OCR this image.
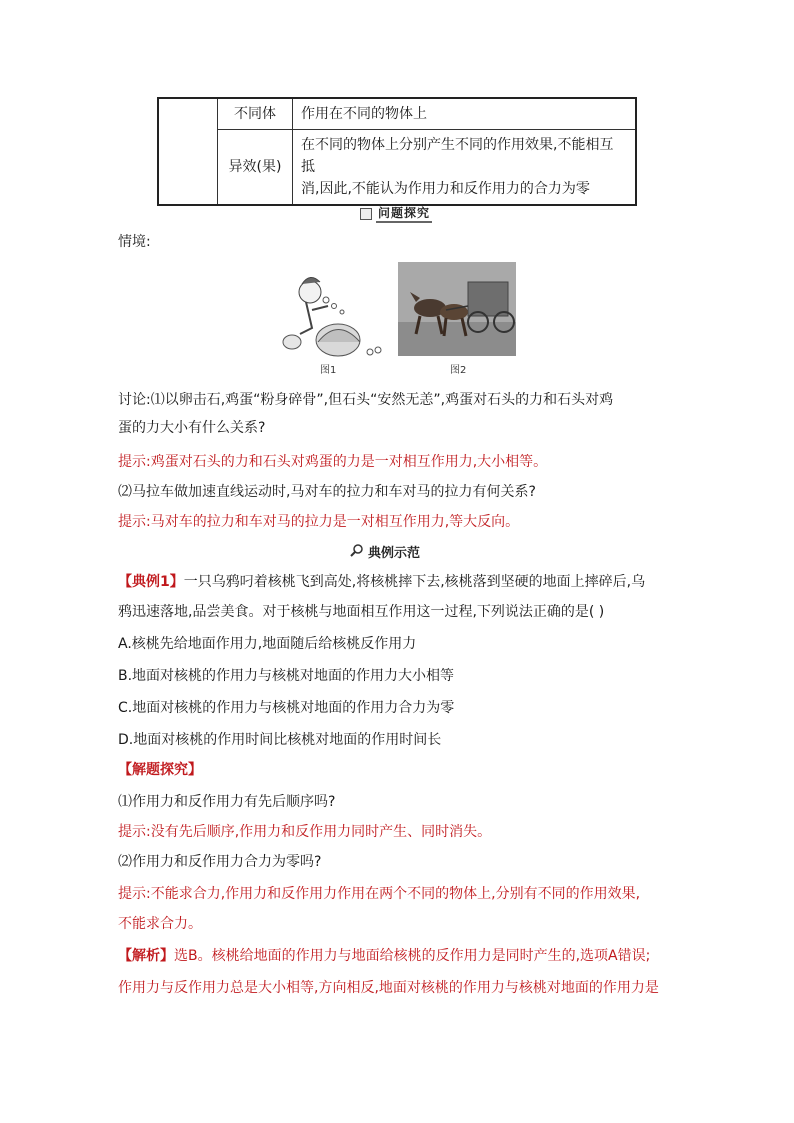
	不同体	作用在不同的物体上
	异效(果)	在不同的物体上分别产生不同的作用效果,不能相互抵
消,因此,不能认为作用力和反作用力的合力为零
问题探究
情境:
图1	图2
讨论:⑴以卵击石,鸡蛋“粉身碎骨”,但石头“安然无恙”,鸡蛋对石头的力和石头对鸡
蛋的力大小有什么关系?
提示:鸡蛋对石头的力和石头对鸡蛋的力是一对相互作用力,大小相等。
⑵马拉车做加速直线运动时,马对车的拉力和车对马的拉力有何关系?
提示:马对车的拉力和车对马的拉力是一对相互作用力,等大反向。
典例示范
【典例1】一只乌鸦叼着核桃飞到高处,将核桃摔下去,核桃落到坚硬的地面上摔碎后,乌
鸦迅速落地,品尝美食。对于核桃与地面相互作用这一过程,下列说法正确的是( )
A.核桃先给地面作用力,地面随后给核桃反作用力
B.地面对核桃的作用力与核桃对地面的作用力大小相等
C.地面对核桃的作用力与核桃对地面的作用力合力为零
D.地面对核桃的作用时间比核桃对地面的作用时间长
【解题探究】
⑴作用力和反作用力有先后顺序吗?
提示:没有先后顺序,作用力和反作用力同时产生、同时消失。
⑵作用力和反作用力合力为零吗?
提示:不能求合力,作用力和反作用力作用在两个不同的物体上,分别有不同的作用效果,
不能求合力。
【解析】选B。核桃给地面的作用力与地面给核桃的反作用力是同时产生的,选项A错误;
作用力与反作用力总是大小相等,方向相反,地面对核桃的作用力与核桃对地面的作用力是
